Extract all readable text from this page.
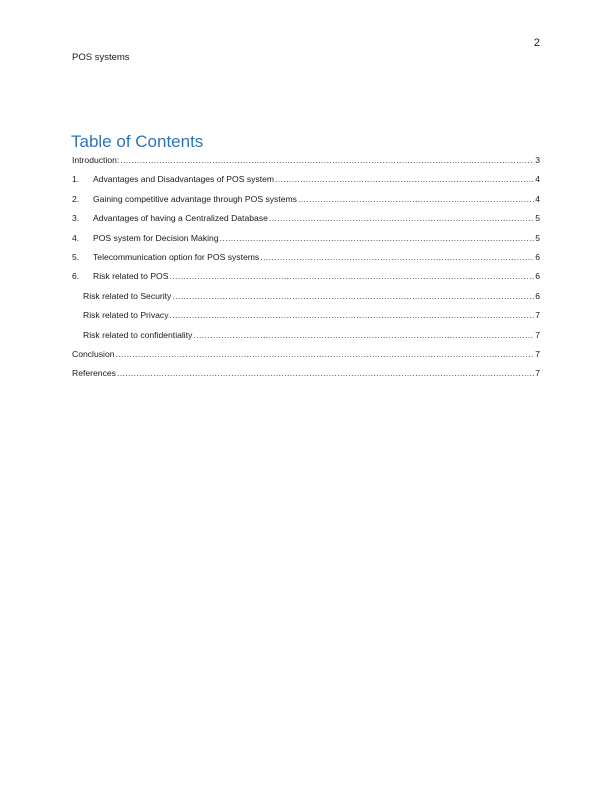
2
POS systems
Table of Contents
Introduction: .....	3
1.	Advantages and Disadvantages of POS system .....	4
2.	Gaining competitive advantage through POS systems .....	4
3.	Advantages of having a Centralized Database .....	5
4.	POS system for Decision Making .....	5
5.	Telecommunication option for POS systems .....	6
6.	Risk related to POS .....	6
Risk related to Security .....	6
Risk related to Privacy .....	7
Risk related to confidentiality .....	7
Conclusion .....	7
References .....	7
